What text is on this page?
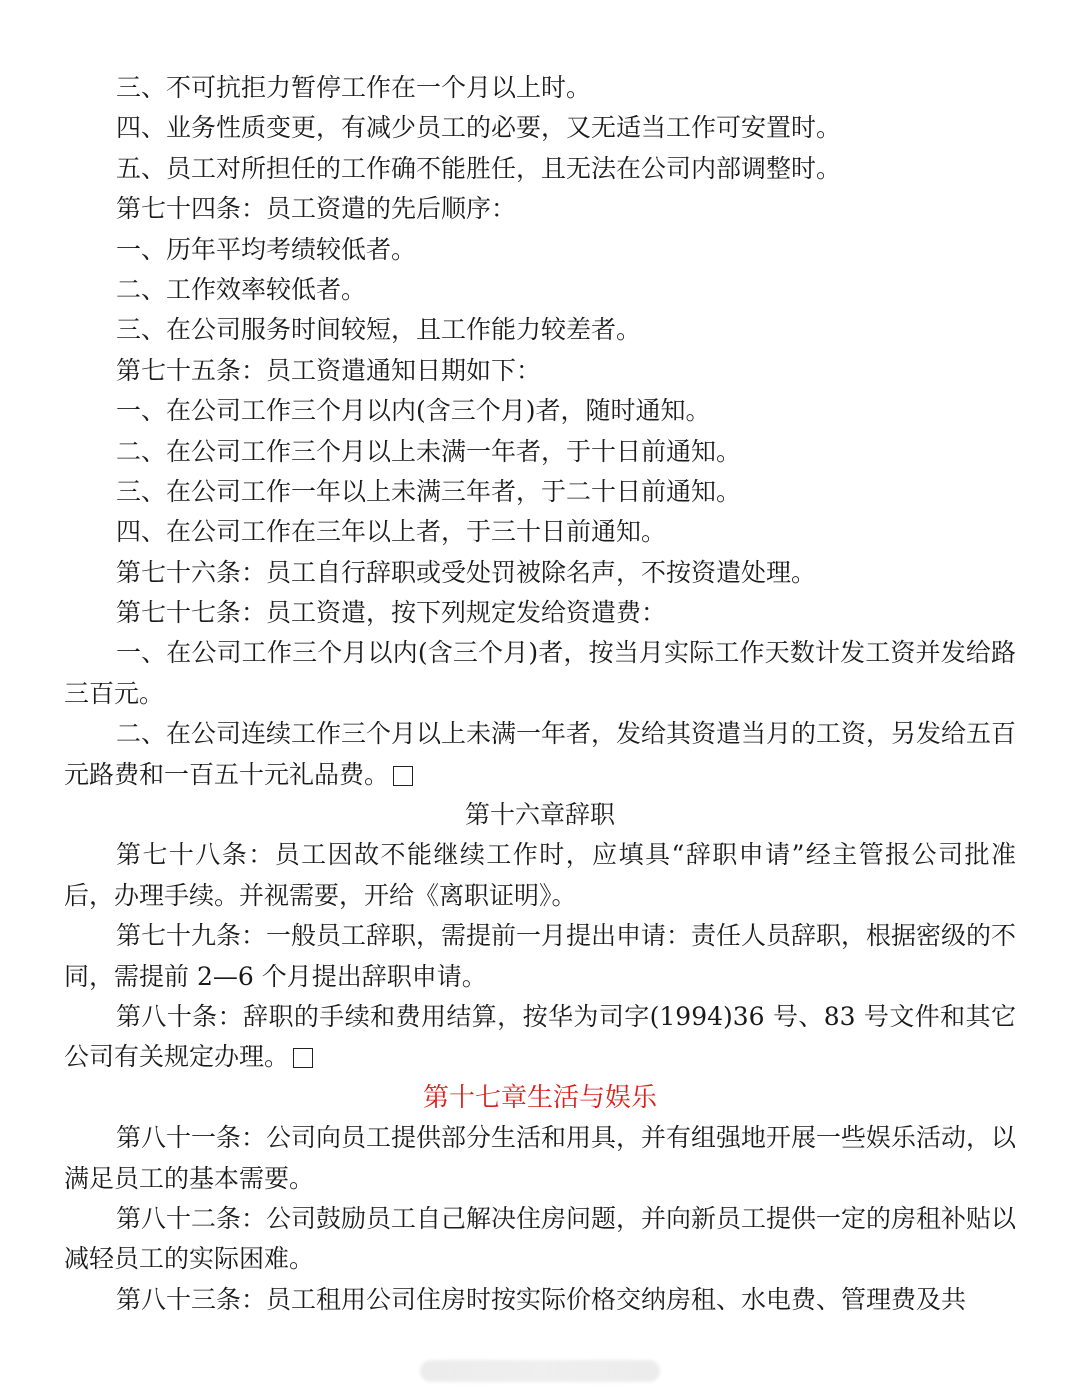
三、不可抗拒力暂停工作在一个月以上时。
四、业务性质变更，有减少员工的必要，又无适当工作可安置时。
五、员工对所担任的工作确不能胜任，且无法在公司内部调整时。
第七十四条：员工资遣的先后顺序：
一、历年平均考绩较低者。
二、工作效率较低者。
三、在公司服务时间较短，且工作能力较差者。
第七十五条：员工资遣通知日期如下：
一、在公司工作三个月以内(含三个月)者，随时通知。
二、在公司工作三个月以上未满一年者，于十日前通知。
三、在公司工作一年以上未满三年者，于二十日前通知。
四、在公司工作在三年以上者，于三十日前通知。
第七十六条：员工自行辞职或受处罚被除名声，不按资遣处理。
第七十七条：员工资遣，按下列规定发给资遣费：

一、在公司工作三个月以内(含三个月)者，按当月实际工作天数计发工资并发给路三百元。

二、在公司连续工作三个月以上未满一年者，发给其资遣当月的工资，另发给五百元路费和一百五十元礼品费。

第十六章辞职

第七十八条：员工因故不能继续工作时，应填具“辞职申请”经主管报公司批准后，办理手续。并视需要，开给《离职证明》。

第七十九条：一般员工辞职，需提前一月提出申请：责任人员辞职，根据密级的不同，需提前 2—6 个月提出辞职申请。

第八十条：辞职的手续和费用结算，按华为司字(1994)36 号、83 号文件和其它公司有关规定办理。

第十七章生活与娱乐

第八十一条：公司向员工提供部分生活和用具，并有组强地开展一些娱乐活动，以满足员工的基本需要。

第八十二条：公司鼓励员工自己解决住房问题，并向新员工提供一定的房租补贴以减轻员工的实际困难。

第八十三条：员工租用公司住房时按实际价格交纳房租、水电费、管理费及共
